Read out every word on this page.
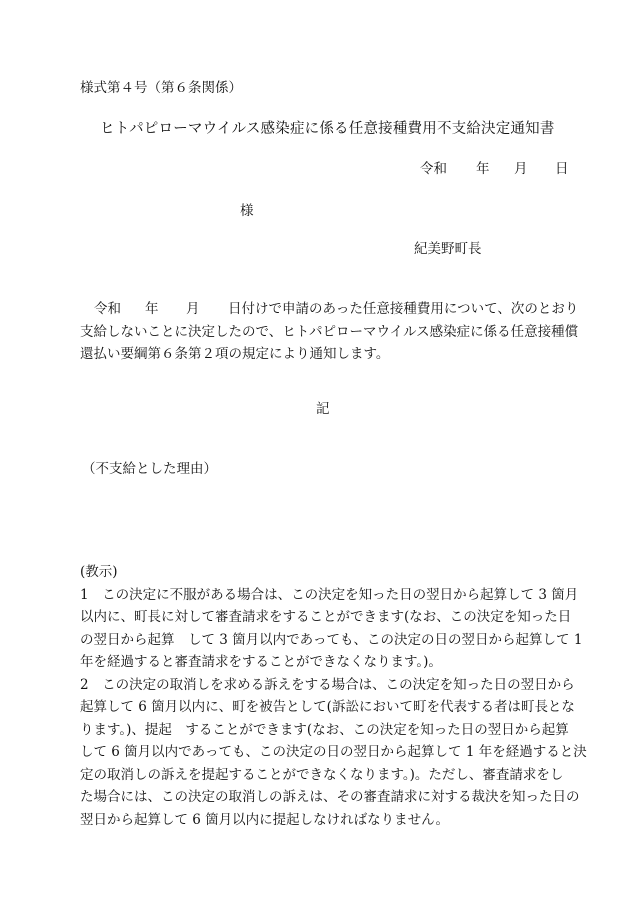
様式第４号（第６条関係）
ヒトパピローマウイルス感染症に係る任意接種費用不支給決定通知書
令和 年 月 日
様
紀美野町長
令和 年 月 日付けで申請のあった任意接種費用について、次のとおり
支給しないことに決定したので、ヒトパピローマウイルス感染症に係る任意接種償
還払い要綱第６条第２項の規定により通知します。
記
（不支給とした理由）
(教示)
1　この決定に不服がある場合は、この決定を知った日の翌日から起算して 3 箇月
以内に、町長に対して審査請求をすることができます(なお、この決定を知った日
の翌日から起算　して 3 箇月以内であっても、この決定の日の翌日から起算して 1
年を経過すると審査請求をすることができなくなります。)。
2　この決定の取消しを求める訴えをする場合は、この決定を知った日の翌日から
起算して 6 箇月以内に、町を被告として(訴訟において町を代表する者は町長とな
ります。)、提起　することができます(なお、この決定を知った日の翌日から起算
して 6 箇月以内であっても、この決定の日の翌日から起算して 1 年を経過すると決
定の取消しの訴えを提起することができなくなります。)。ただし、審査請求をし
た場合には、この決定の取消しの訴えは、その審査請求に対する裁決を知った日の
翌日から起算して 6 箇月以内に提起しなければなりません。
